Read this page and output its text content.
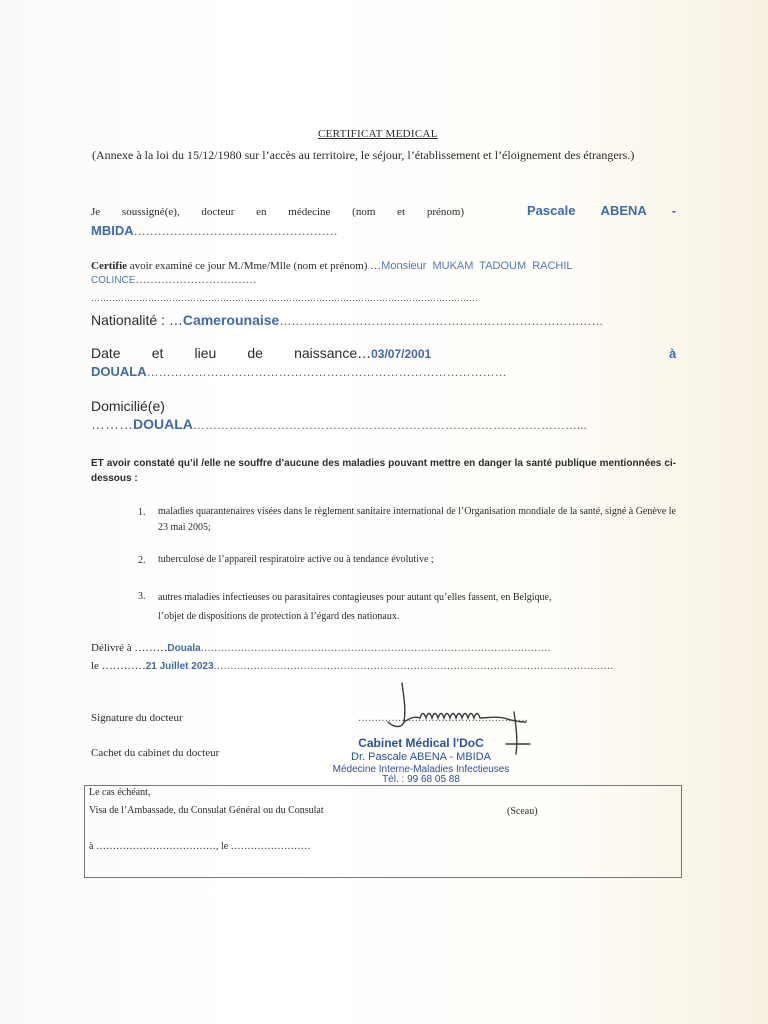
CERTIFICAT MEDICAL
(Annexe à la loi du 15/12/1980 sur l’accès au territoire, le séjour, l’établissement et l’éloignement des étrangers.)
Je soussigné(e), docteur en médecine (nom et prénom)	Pascale ABENA -
MBIDA……………………………………………
Certifie avoir examiné ce jour M./Mme/Mlle (nom et prénom) …Monsieur MUKAM TADOUM RACHIL
COLINCE……………………………
…………………………………………………………………………………………………………………
Nationalité : …Camerounaise………………………………………………………………………
Date        et        lieu        de        naissance…03/07/2001	à
DOUALA………………………………………………………………………………
Domicilié(e)
………DOUALA……………………………………………………………………………………...
ET avoir constaté qu’il /elle ne souffre d’aucune des maladies pouvant mettre en danger la santé publique mentionnées ci-dessous :
1. maladies quarantenaires visées dans le règlement sanitaire international de l’Organisation mondiale de la santé, signé à Genève le 23 mai 2005;
2. tuberculose de l’appareil respiratoire active ou à tendance évolutive ;
3. autres maladies infectieuses ou parasitaires contagieuses pour autant qu’elles fassent, en Belgique, l’objet de dispositions de protection à l’égard des nationaux.
Délivré à ………Douala……………………………………………………………………………………………
le …………21 Juillet 2023…………………………………………………………………………………………………………
Signature du docteur	……………………………………………
Cachet du cabinet du docteur
Cabinet Médical l'DoC
Dr. Pascale ABENA - MBIDA
Médecine Interne-Maladies Infectieuses
Tél. : 99 68 05 88
Le cas échéant,
Visa de l’Ambassade, du Consulat Général ou du Consulat	(Sceau)
à ………………………………, le ……………………
